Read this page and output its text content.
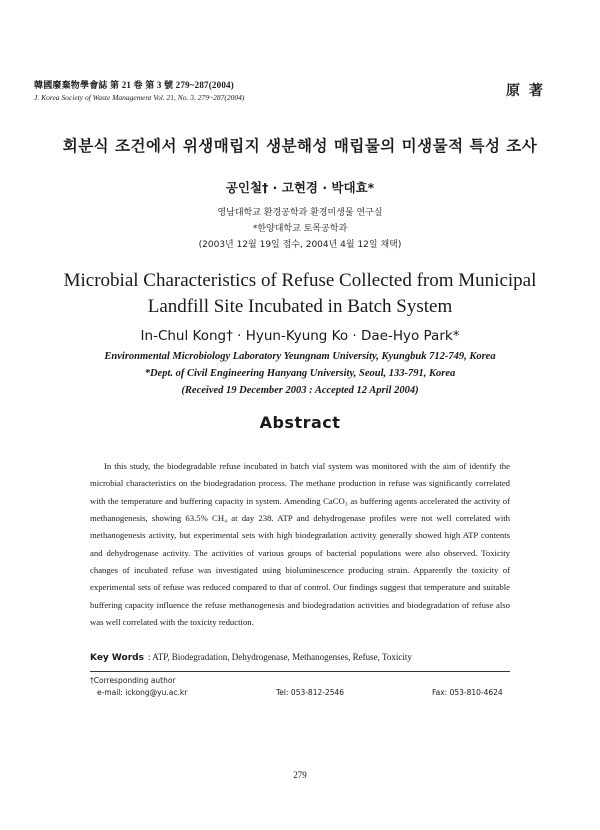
韓國廢棄物學會誌 第 21 卷 第 3 號 279~287(2004)
J. Korea Society of Waste Management Vol. 21, No. 3, 279~287(2004)	原 著
회분식 조건에서 위생매립지 생분해성 매립물의 미생물적 특성 조사
공인철† · 고현경 · 박대효*
영남대학교 환경공학과 환경미생물 연구실
*한양대학교 토목공학과
(2003년 12월 19일 접수, 2004년 4월 12일 채택)
Microbial Characteristics of Refuse Collected from Municipal
Landfill Site Incubated in Batch System
In-Chul Kong† · Hyun-Kyung Ko · Dae-Hyo Park*
Environmental Microbiology Laboratory Yeungnam University, Kyungbuk 712-749, Korea
*Dept. of Civil Engineering Hanyang University, Seoul, 133-791, Korea
(Received 19 December 2003 : Accepted 12 April 2004)
Abstract

In this study, the biodegradable refuse incubated in batch vial system was monitored with the aim of identify the microbial characteristics on the biodegradation process. The methane production in refuse was significantly correlated with the temperature and buffering capacity in system. Amending CaCO₃ as buffering agents accelerated the activity of methanogenesis, showing 63.5% CH₄ at day 238. ATP and dehydrogenase profiles were not well correlated with methanogenesis activity, but experimental sets with high biodegradation activity generally showed high ATP contents and dehydrogenase activity. The activities of various groups of bacterial populations were also observed. Toxicity changes of incubated refuse was investigated using bioluminescence producing strain. Apparently the toxicity of experimental sets of refuse was reduced compared to that of control. Our findings suggest that temperature and suitable buffering capacity influence the refuse methanogenesis and biodegradation activities and biodegradation of refuse also was well correlated with the toxicity reduction.

Key Words : ATP, Biodegradation, Dehydrogenase, Methanogenses, Refuse, Toxicity
†Corresponding author
e-mail: ickong@yu.ac.kr	Tel: 053-812-2546	Fax: 053-810-4624
279
